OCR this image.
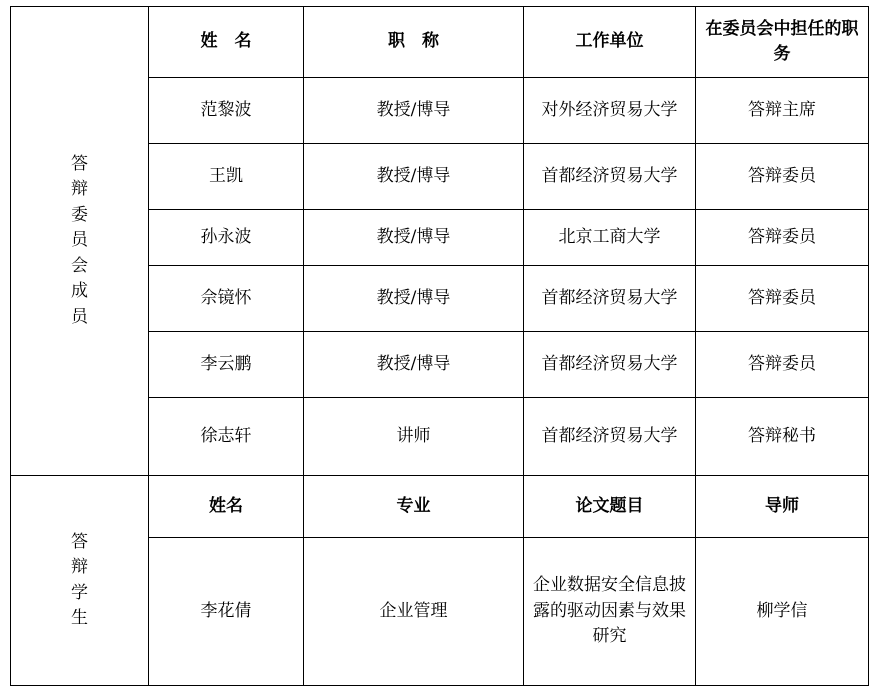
答
辩
委
员
会
成
员
	姓　名	职　称	工作单位	在委员会中担任的职务
	范黎波	教授/博导	对外经济贸易大学	答辩主席
	王凯	教授/博导	首都经济贸易大学	答辩委员
	孙永波	教授/博导	北京工商大学	答辩委员
	佘镜怀	教授/博导	首都经济贸易大学	答辩委员
	李云鹏	教授/博导	首都经济贸易大学	答辩委员
	徐志轩	讲师	首都经济贸易大学	答辩秘书

答
辩
学
生	姓名	专业	论文题目	导师
	李花倩	企业管理	企业数据安全信息披露的驱动因素与效果研究	柳学信
